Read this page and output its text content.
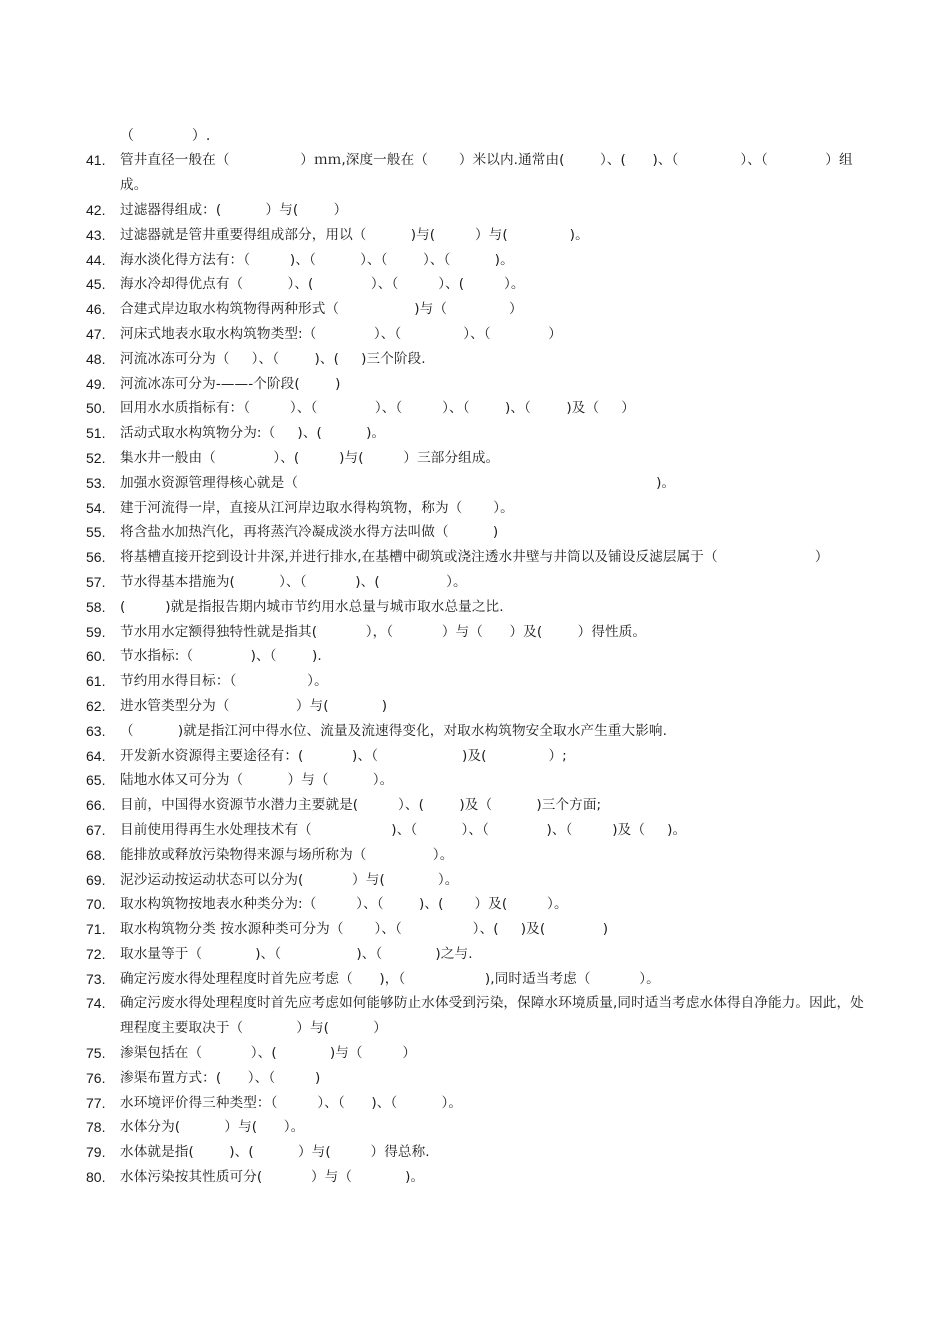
（             ）.
41. 管井直径一般在（                ）ｍｍ,深度一般在（       ）米以内.通常由(        ）、(      )、（              ）、（             ）组成。
42. 过滤器得组成：(          ）与(        ）
43. 过滤器就是管井重要得组成部分，用以（          )与(         ）与(              )。
44. 海水淡化得方法有：（         )、（          ）、（        ）、（          )。
45. 海水冷却得优点有（          ）、(             ）、（         ）、(         ）。
46. 合建式岸边取水构筑物得两种形式（                 )与（              ）
47. 河床式地表水取水构筑物类型:（             ）、（              ）、（             ）
48. 河流冰冻可分为（     ）、（        )、(     )三个阶段.
49. 河流冰冻可分为-——-个阶段(        )
50. 回用水水质指标有：（         ）、（             ）、（         ）、（        )、（        )及（     ）
51. 活动式取水构筑物分为:（     )、(          )。
52. 集水井一般由（             ）、(         )与(         ）三部分组成。
53. 加强水资源管理得核心就是（                                                                                 )。
54. 建于河流得一岸，直接从江河岸边取水得构筑物，称为（       ）。
55. 将含盐水加热汽化，再将蒸汽冷凝成淡水得方法叫做（          )
56. 将基槽直接开挖到设计井深,并进行排水,在基槽中砌筑或浇注透水井壁与井筒以及铺设反滤层属于（                      ）
57. 节水得基本措施为(          ）、（           )、(               ）。
58. (         )就是指报告期内城市节约用水总量与城市取水总量之比.
59. 节水用水定额得独特性就是指其(           ），（           ）与（      ）及(        ）得性质。
60. 节水指标:（             )、（        ).
61. 节约用水得目标：（                ）。
62. 进水管类型分为（               ）与(            )
63. （          )就是指江河中得水位、流量及流速得变化，对取水构筑物安全取水产生重大影响.
64. 开发新水资源得主要途径有：(           )、（                   )及(              ）;
65. 陆地水体又可分为（          ）与（          ）。
66. 目前，中国得水资源节水潜力主要就是(         ）、(        )及（          )三个方面;
67. 目前使用得再生水处理技术有（                  )、（          ）、（             )、（         )及（     )。
68. 能排放或释放污染物得来源与场所称为（               ）。
69. 泥沙运动按运动状态可以分为(           ）与(            ）。
70. 取水构筑物按地表水种类分为:（         ）、（        )、(       ）及(         ）。
71. 取水构筑物分类 按水源种类可分为（       ）、（                ）、(     )及(             )
72. 取水量等于（            )、（                 )、（            )之与.
73. 确定污废水得处理程度时首先应考虑（      )，（                  ),同时适当考虑（           ）。
74. 确定污废水得处理程度时首先应考虑如何能够防止水体受到污染，保障水环境质量,同时适当考虑水体得自净能力。因此，处理程度主要取决于（            ）与(          ）
75. 渗渠包括在（           ）、(            )与（         ）
76. 渗渠布置方式：(      ）、（         )
77. 水环境评价得三种类型：（         ）、（      )、（          ）。
78. 水体分为(          ）与(      ）。
79. 水体就是指(        )、(          ）与(         ）得总称.
80. 水体污染按其性质可分(           ）与（            )。
